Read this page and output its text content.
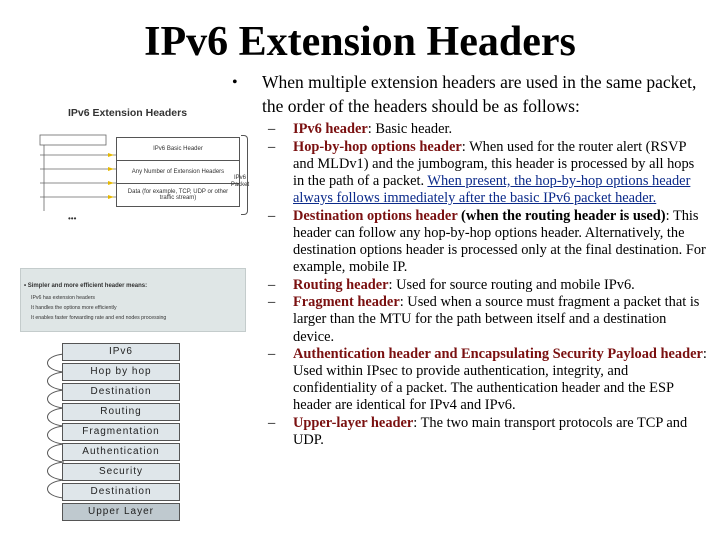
IPv6 Extension Headers
• When multiple extension headers are used in the same packet, the order of the headers should be as follows:
– IPv6 header: Basic header.
– Hop-by-hop options header: When used for the router alert (RSVP and MLDv1) and the jumbogram, this header is processed by all hops in the path of a packet. When present, the hop-by-hop options header always follows immediately after the basic IPv6 packet header.
– Destination options header (when the routing header is used): This header can follow any hop-by-hop options header. Alternatively, the destination options header is processed only at the final destination. For example, mobile IP.
– Routing header: Used for source routing and mobile IPv6.
– Fragment header: Used when a source must fragment a packet that is larger than the MTU for the path between itself and a destination device.
– Authentication header and Encapsulating Security Payload header: Used within IPsec to provide authentication, integrity, and confidentiality of a packet. The authentication header and the ESP header are identical for IPv4 and IPv6.
– Upper-layer header: The two main transport protocols are TCP and UDP.
IPv6 Extension Headers
•••
IPv6 Basic Header
Any Number of Extension Headers
Data (for example, TCP, UDP or other traffic stream)
IPv6 Packet
• Simpler and more efficient header means:
IPv6 has extension headers
It handles the options more efficiently
It enables faster forwarding rate and end nodes processing
IPv6
Hop by hop
Destination
Routing
Fragmentation
Authentication
Security
Destination
Upper Layer
